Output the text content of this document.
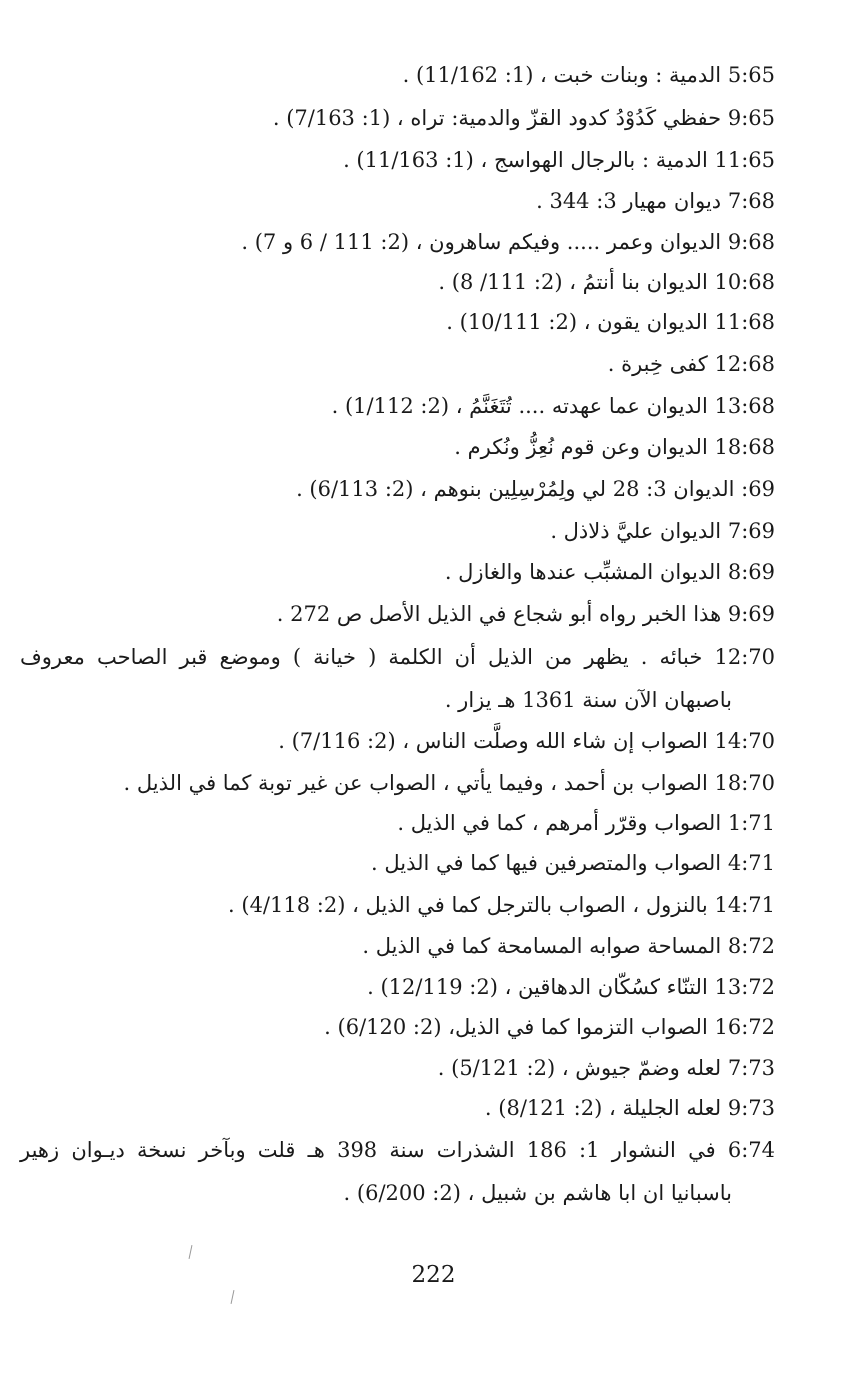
5:65 الدمية : وبنات خبت ، (1: 11/162) .
9:65 حفظي كَدُوْدُ كدود القزّ والدمية: تراه ، (1: 7/163) .
11:65 الدمية : بالرجال الهواسج ، (1: 11/163) .
7:68 ديوان مهيار 3: 344 .
9:68 الديوان وعمر ..... وفيكم ساهرون ، (2: 111 / 6 و 7) .
10:68 الديوان بنا أنتمُ ، (2: 111/ 8) .
11:68 الديوان يقون ، (2: 10/111) .
12:68 كفى خِبرة .
13:68 الديوان عما عهدته .... تُتَغَنَّمُ ، (2: 1/112) .
18:68 الديوان وعن قوم نُعِزُّ ونُكرم .
69: الديوان 3: 28 لي ولِمُرْسِلِين بنوهم ، (2: 6/113) .
7:69 الديوان عليَّ ذلاذل .
8:69 الديوان المشبِّب عندها والغازل .
9:69 هذا الخبر رواه أبو شجاع في الذيل الأصل ص 272 .
12:70 خبائه . يظهر من الذيل أن الكلمة ( خيانة ) وموضع قبر الصاحب معروف
باصبهان الآن سنة 1361 هـ يزار .
14:70 الصواب إن شاء الله وصلَّت الناس ، (2: 7/116) .
18:70 الصواب بن أحمد ، وفيما يأتي ، الصواب عن غير توبة كما في الذيل .
1:71 الصواب وقرّر أمرهم ، كما في الذيل .
4:71 الصواب والمتصرفين فيها كما في الذيل .
14:71 بالنزول ، الصواب بالترجل كما في الذيل ، (2: 4/118) .
8:72 المساحة صوابه المسامحة كما في الذيل .
13:72 التنّاء كسُكّان الدهاقين ، (2: 12/119) .
16:72 الصواب التزموا كما في الذيل، (2: 6/120) .
7:73 لعله وضمّ جيوش ، (2: 5/121) .
9:73 لعله الجليلة ، (2: 8/121) .
6:74 في النشوار 1: 186 الشذرات سنة 398 هـ قلت وبآخر نسخة ديـوان زهير
باسبانيا ان ابا هاشم بن شبيل ، (2: 6/200) .
222
